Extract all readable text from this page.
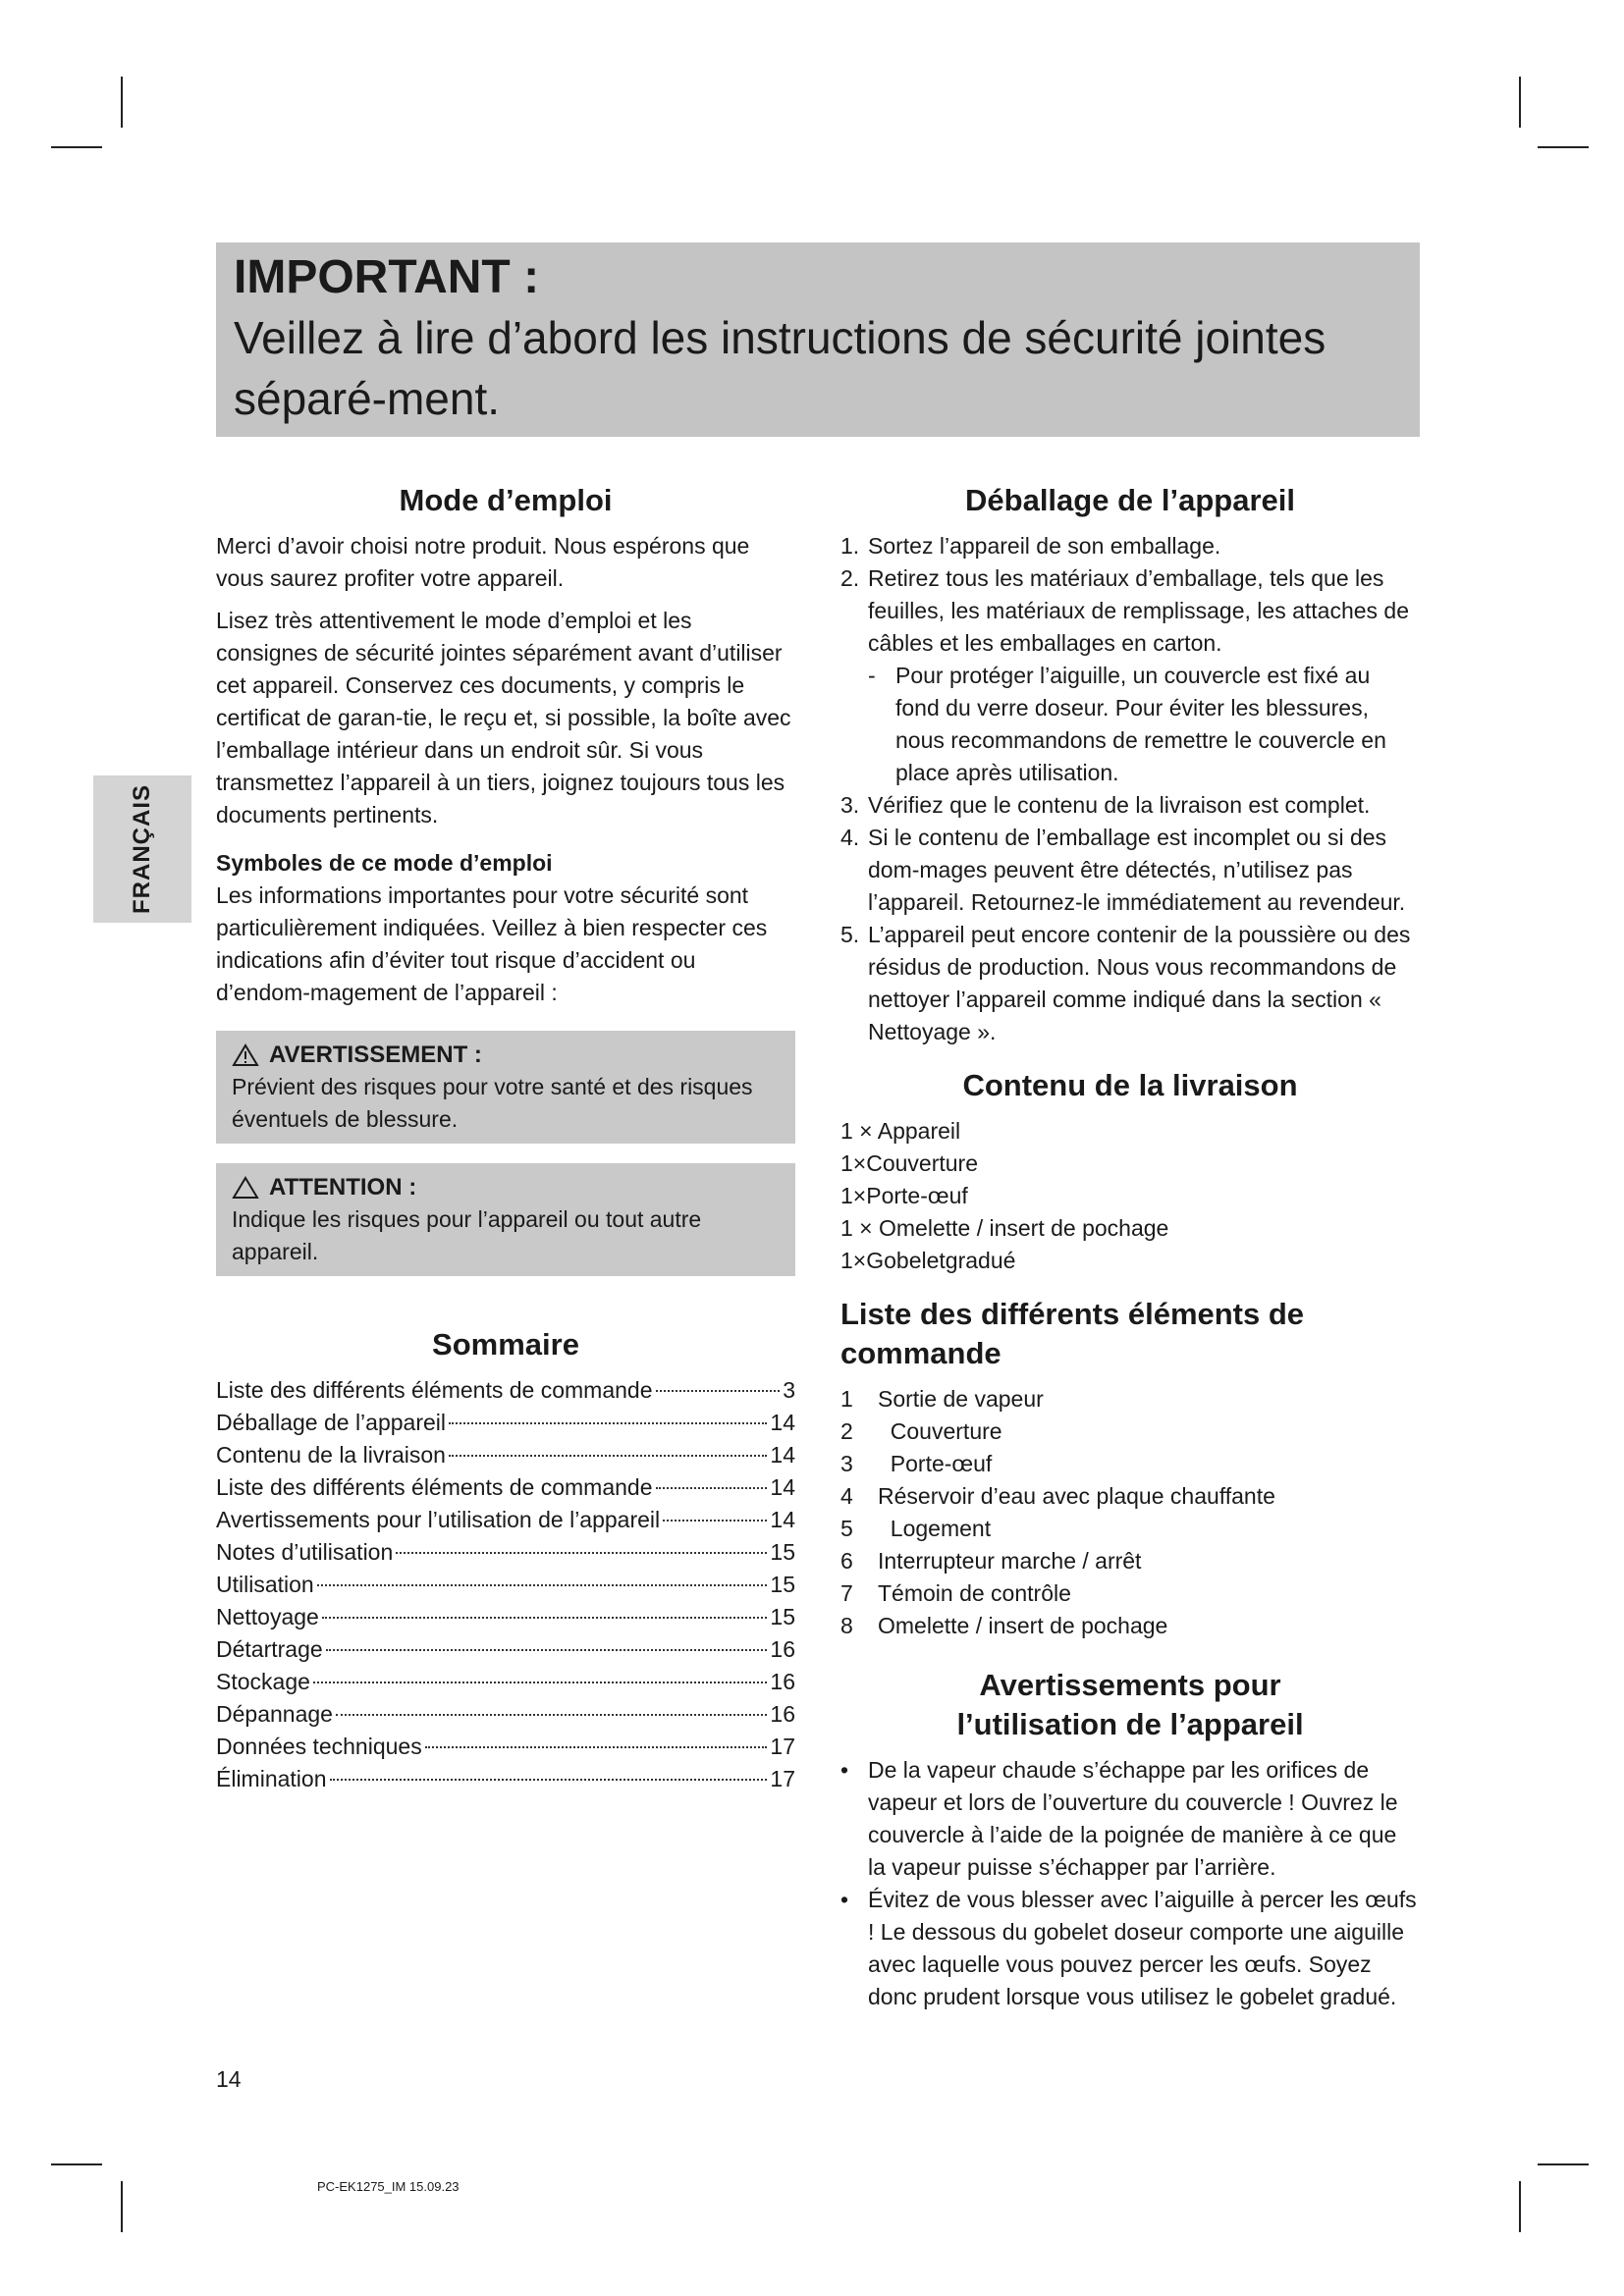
IMPORTANT :
Veillez à lire d’abord les instructions de sécurité jointes séparé-ment.
FRANÇAIS
Mode d’emploi

Merci d’avoir choisi notre produit. Nous espérons que vous saurez profiter votre appareil.

Lisez très attentivement le mode d’emploi et les consignes de sécurité jointes séparément avant d’utiliser cet appareil. Conservez ces documents, y compris le certificat de garan-tie, le reçu et, si possible, la boîte avec l’emballage intérieur dans un endroit sûr. Si vous transmettez l’appareil à un tiers, joignez toujours tous les documents pertinents.

Symboles de ce mode d’emploi

Les informations importantes pour votre sécurité sont particulièrement indiquées. Veillez à bien respecter ces indications afin d’éviter tout risque d’accident ou d’endom-magement de l’appareil :

AVERTISSEMENT :
Prévient des risques pour votre santé et des risques éventuels de blessure.
ATTENTION :
Indique les risques pour l’appareil ou tout autre appareil.
Sommaire
Liste des différents éléments de commande	3
Déballage de l’appareil	14
Contenu de la livraison	14
Liste des différents éléments de commande	14
Avertissements pour l’utilisation de l’appareil	14
Notes d’utilisation	15
Utilisation	15
Nettoyage	15
Détartrage	16
Stockage	16
Dépannage	16
Données techniques	17
Élimination	17
Déballage de l’appareil
1. Sortez l’appareil de son emballage.
2. Retirez tous les matériaux d’emballage, tels que les feuilles, les matériaux de remplissage, les attaches de câbles et les emballages en carton.
- Pour protéger l’aiguille, un couvercle est fixé au fond du verre doseur. Pour éviter les blessures, nous recommandons de remettre le couvercle en place après utilisation.
3. Vérifiez que le contenu de la livraison est complet.
4. Si le contenu de l’emballage est incomplet ou si des dom-mages peuvent être détectés, n’utilisez pas l’appareil. Retournez-le immédiatement au revendeur.
5. L’appareil peut encore contenir de la poussière ou des résidus de production. Nous vous recommandons de nettoyer l’appareil comme indiqué dans la section « Nettoyage ».
Contenu de la livraison
1 × Appareil
1×Couverture
1×Porte-œuf
1 × Omelette / insert de pochage
1×Gobeletgradué
Liste des différents éléments de commande
1	Sortie de vapeur
2	Couverture
3	Porte-œuf
4	Réservoir d’eau avec plaque chauffante
5	Logement
6	Interrupteur marche / arrêt
7	Témoin de contrôle
8	Omelette / insert de pochage
Avertissements pour
l’utilisation de l’appareil
• De la vapeur chaude s’échappe par les orifices de vapeur et lors de l’ouverture du couvercle ! Ouvrez le couvercle à l’aide de la poignée de manière à ce que la vapeur puisse s’échapper par l’arrière.
• Évitez de vous blesser avec l’aiguille à percer les œufs ! Le dessous du gobelet doseur comporte une aiguille avec laquelle vous pouvez percer les œufs. Soyez donc prudent lorsque vous utilisez le gobelet gradué.
14
PC-EK1275_IM 15.09.23
